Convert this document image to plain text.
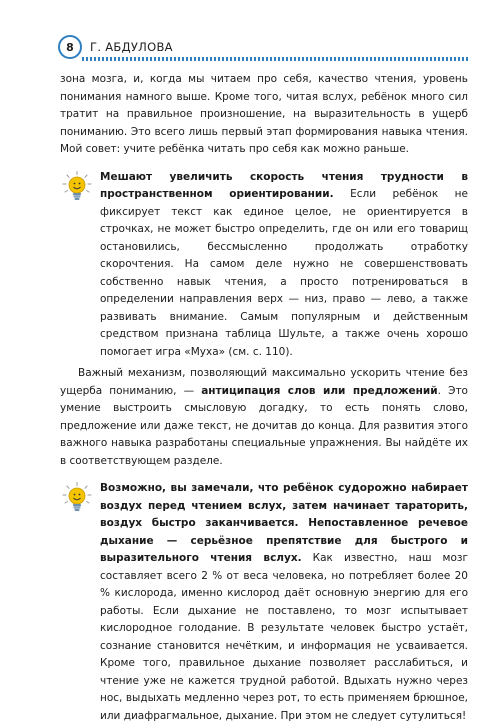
8	Г. АБДУЛОВА

зона мозга, и, когда мы читаем про себя, качество чтения, уровень понимания намного выше. Кроме того, читая вслух, ребёнок много сил тратит на правильное произношение, на выразительность в ущерб пониманию. Это всего лишь первый этап формирования навыка чтения. Мой совет: учите ребёнка читать про себя как можно раньше.

Мешают увеличить скорость чтения трудности в пространственном ориентировании. Если ребёнок не фиксирует текст как единое целое, не ориентируется в строчках, не может быстро определить, где он или его товарищ остановились, бессмысленно продолжать отработку скорочтения. На самом деле нужно не совершенствовать собственно навык чтения, а просто потренироваться в определении направления верх — низ, право — лево, а также развивать внимание. Самым популярным и действенным средством признана таблица Шульте, а также очень хорошо помогает игра «Муха» (см. с. 110).

Важный механизм, позволяющий максимально ускорить чтение без ущерба пониманию, — антиципация слов или предложений. Это умение выстроить смысловую догадку, то есть понять слово, предложение или даже текст, не дочитав до конца. Для развития этого важного навыка разработаны специальные упражнения. Вы найдёте их в соответствующем разделе.

Возможно, вы замечали, что ребёнок судорожно набирает воздух перед чтением вслух, затем начинает тараторить, воздух быстро заканчивается. Непоставленное речевое дыхание — серьёзное препятствие для быстрого и выразительного чтения вслух. Как известно, наш мозг составляет всего 2 % от веса человека, но потребляет более 20 % кислорода, именно кислород даёт основную энергию для его работы. Если дыхание не поставлено, то мозг испытывает кислородное голодание. В результате человек быстро устаёт, сознание становится нечётким, и информация не усваивается. Кроме того, правильное дыхание позволяет расслабиться, и чтение уже не кажется трудной работой. Вдыхать нужно через нос, выдыхать медленно через рот, то есть применяем брюшное, или диафрагмальное, дыхание. При этом не следует сутулиться!
